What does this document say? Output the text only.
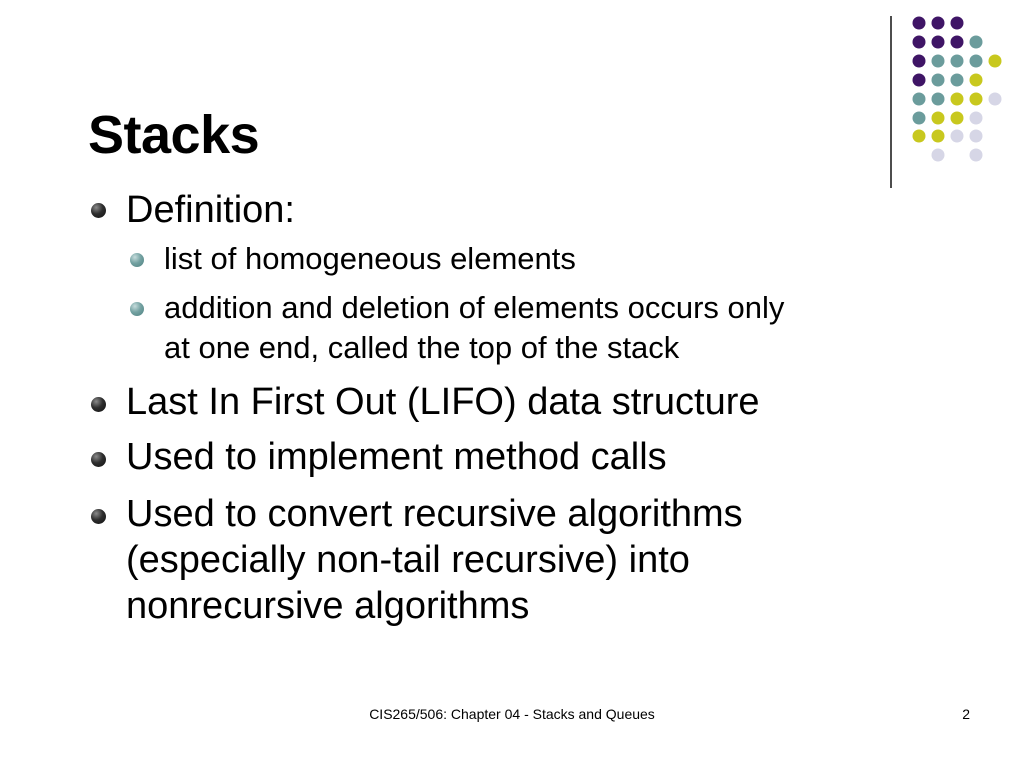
Stacks
Definition:
list of homogeneous elements
addition and deletion of elements occurs only
at one end, called the top of the stack
Last In First Out (LIFO) data structure
Used to implement method calls
Used to convert recursive algorithms
(especially non-tail recursive) into
nonrecursive algorithms
CIS265/506: Chapter 04 - Stacks and Queues	2
